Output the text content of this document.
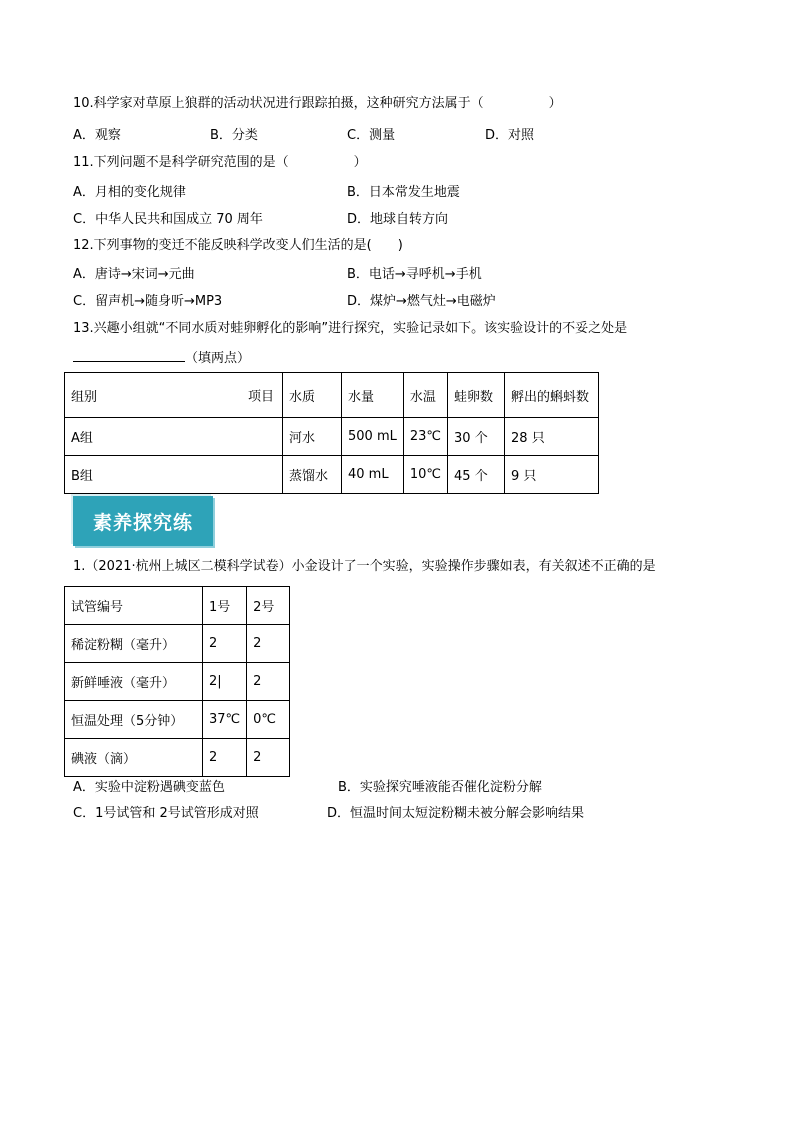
10.科学家对草原上狼群的活动状况进行跟踪拍摄，这种研究方法属于（　　　　　）
A．观察	B．分类	C．测量	D．对照
11.下列问题不是科学研究范围的是（　　　　　）
A．月相的变化规律	B．日本常发生地震
C．中华人民共和国成立 70 周年	D．地球自转方向
12.下列事物的变迁不能反映科学改变人们生活的是(　　)
A．唐诗→宋词→元曲	B．电话→寻呼机→手机
C．留声机→随身听→MP3	D．煤炉→燃气灶→电磁炉
13.兴趣小组就“不同水质对蛙卵孵化的影响”进行探究，实验记录如下。该实验设计的不妥之处是
（填两点）
组别 项目	水质	水量	水温	蛙卵数	孵出的蝌蚪数
A组	河水	500 mL	23℃	30 个	28 只
B组	蒸馏水	40 mL	10℃	45 个	9 只
素养探究练
1.（2021·杭州上城区二模科学试卷）小金设计了一个实验，实验操作步骤如表，有关叙述不正确的是
试管编号	1号	2号
稀淀粉糊（毫升）	2	2
新鲜唾液（毫升）	2|	2
恒温处理（5分钟）	37℃	0℃
碘液（滴）	2	2
A．实验中淀粉遇碘变蓝色	B．实验探究唾液能否催化淀粉分解
C．1号试管和 2号试管形成对照	D．恒温时间太短淀粉糊未被分解会影响结果
